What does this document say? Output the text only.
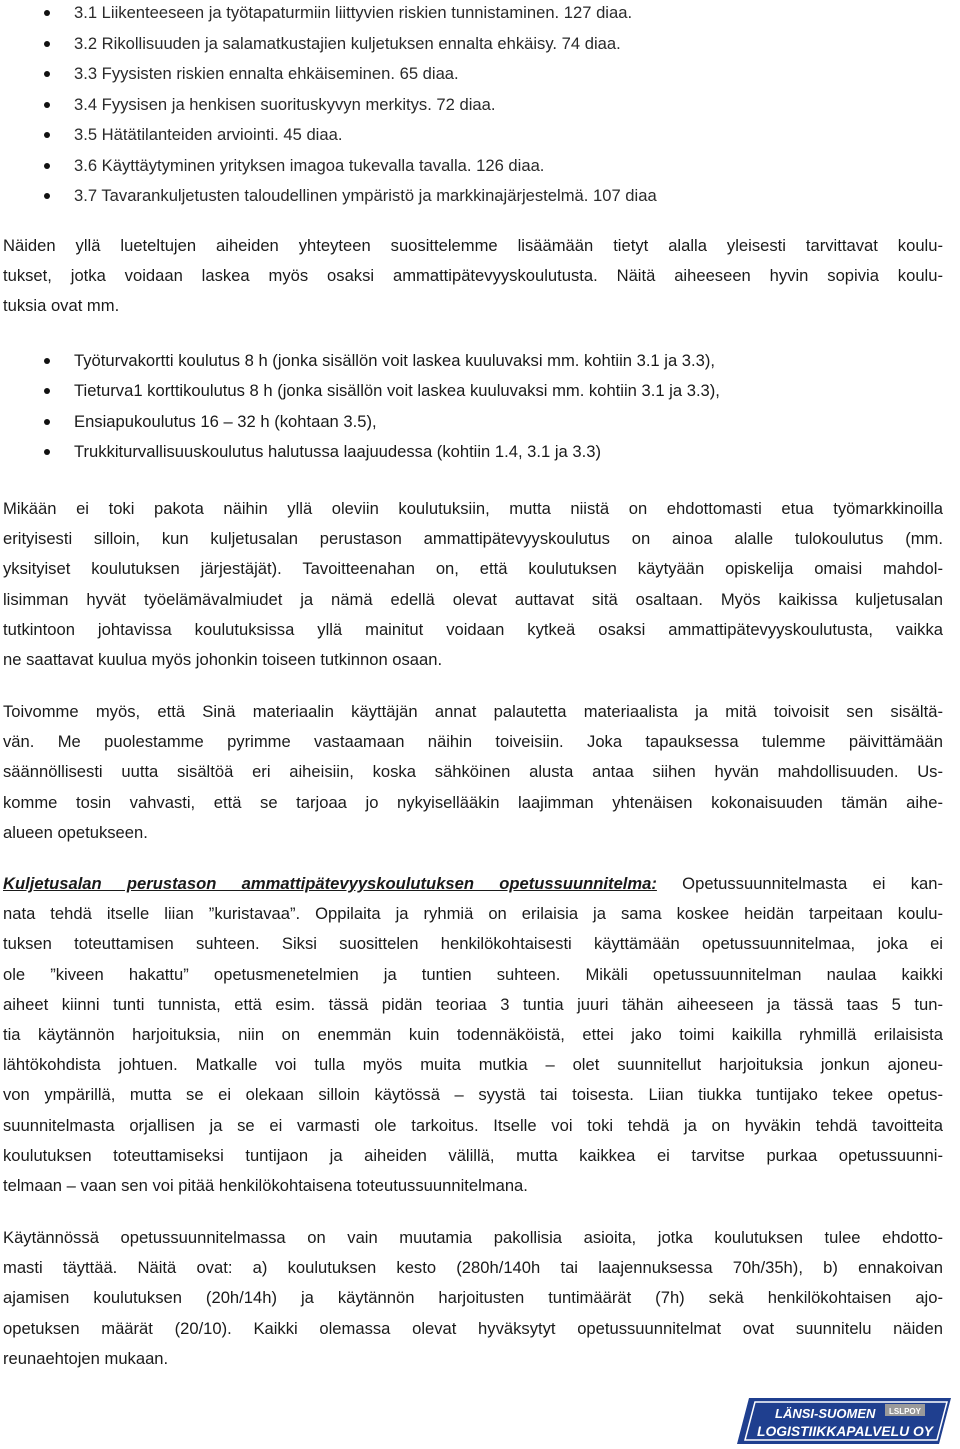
3.1 Liikenteeseen ja työtapaturmiin liittyvien riskien tunnistaminen. 127 diaa.
3.2 Rikollisuuden ja salamatkustajien kuljetuksen ennalta ehkäisy. 74 diaa.
3.3 Fyysisten riskien ennalta ehkäiseminen. 65 diaa.
3.4 Fyysisen ja henkisen suorituskyvyn merkitys. 72 diaa.
3.5 Hätätilanteiden arviointi. 45 diaa.
3.6 Käyttäytyminen yrityksen imagoa tukevalla tavalla. 126 diaa.
3.7 Tavarankuljetusten taloudellinen ympäristö ja markkinajärjestelmä. 107 diaa

Näiden yllä lueteltujen aiheiden yhteyteen suosittelemme lisäämään tietyt alalla yleisesti tarvittavat koulu-
tukset, jotka voidaan laskea myös osaksi ammattipätevyyskoulutusta. Näitä aiheeseen hyvin sopivia koulu-
tuksia ovat mm.

Työturvakortti koulutus 8 h (jonka sisällön voit laskea kuuluvaksi mm. kohtiin 3.1 ja 3.3),
Tieturva1 korttikoulutus 8 h (jonka sisällön voit laskea kuuluvaksi mm. kohtiin 3.1 ja 3.3),
Ensiapukoulutus 16 – 32 h (kohtaan 3.5),
Trukkiturvallisuuskoulutus halutussa laajuudessa (kohtiin 1.4, 3.1 ja 3.3)

Mikään ei toki pakota näihin yllä oleviin koulutuksiin, mutta niistä on ehdottomasti etua työmarkkinoilla
erityisesti silloin, kun kuljetusalan perustason ammattipätevyyskoulutus on ainoa alalle tulokoulutus (mm.
yksityiset koulutuksen järjestäjät). Tavoitteenahan on, että koulutuksen käytyään opiskelija omaisi mahdol-
lisimman hyvät työelämävalmiudet ja nämä edellä olevat auttavat sitä osaltaan. Myös kaikissa kuljetusalan
tutkintoon johtavissa koulutuksissa yllä mainitut voidaan kytkeä osaksi ammattipätevyyskoulutusta, vaikka
ne saattavat kuulua myös johonkin toiseen tutkinnon osaan.

Toivomme myös, että Sinä materiaalin käyttäjän annat palautetta materiaalista ja mitä toivoisit sen sisältä-
vän. Me puolestamme pyrimme vastaamaan näihin toiveisiin. Joka tapauksessa tulemme päivittämään
säännöllisesti uutta sisältöä eri aiheisiin, koska sähköinen alusta antaa siihen hyvän mahdollisuuden. Us-
komme tosin vahvasti, että se tarjoaa jo nykyisellääkin laajimman yhtenäisen kokonaisuuden tämän aihe-
alueen opetukseen.

Kuljetusalan perustason ammattipätevyyskoulutuksen opetussuunnitelma: Opetussuunnitelmasta ei kan-
nata tehdä itselle liian ”kuristavaa”. Oppilaita ja ryhmiä on erilaisia ja sama koskee heidän tarpeitaan koulu-
tuksen toteuttamisen suhteen. Siksi suosittelen henkilökohtaisesti käyttämään opetussuunnitelmaa, joka ei
ole ”kiveen hakattu” opetusmenetelmien ja tuntien suhteen. Mikäli opetussuunnitelman naulaa kaikki
aiheet kiinni tunti tunnista, että esim. tässä pidän teoriaa 3 tuntia juuri tähän aiheeseen ja tässä taas 5 tun-
tia käytännön harjoituksia, niin on enemmän kuin todennäköistä, ettei jako toimi kaikilla ryhmillä erilaisista
lähtökohdista johtuen. Matkalle voi tulla myös muita mutkia – olet suunnitellut harjoituksia jonkun ajoneu-
von ympärillä, mutta se ei olekaan silloin käytössä – syystä tai toisesta. Liian tiukka tuntijako tekee opetus-
suunnitelmasta orjallisen ja se ei varmasti ole tarkoitus. Itselle voi toki tehdä ja on hyväkin tehdä tavoitteita
koulutuksen toteuttamiseksi tuntijaon ja aiheiden välillä, mutta kaikkea ei tarvitse purkaa opetussuunni-
telmaan – vaan sen voi pitää henkilökohtaisena toteutussuunnitelmana.

Käytännössä opetussuunnitelmassa on vain muutamia pakollisia asioita, jotka koulutuksen tulee ehdotto-
masti täyttää. Näitä ovat: a) koulutuksen kesto (280h/140h tai laajennuksessa 70h/35h), b) ennakoivan
ajamisen koulutuksen (20h/14h) ja käytännön harjoitusten tuntimäärät (7h) sekä henkilökohtaisen ajo-
opetuksen määrät (20/10). Kaikki olemassa olevat hyväksytyt opetussuunnitelmat ovat suunnitelu näiden
reunaehtojen mukaan.

LSLPOY
LÄNSI-SUOMEN
LOGISTIIKKAPALVELU OY
